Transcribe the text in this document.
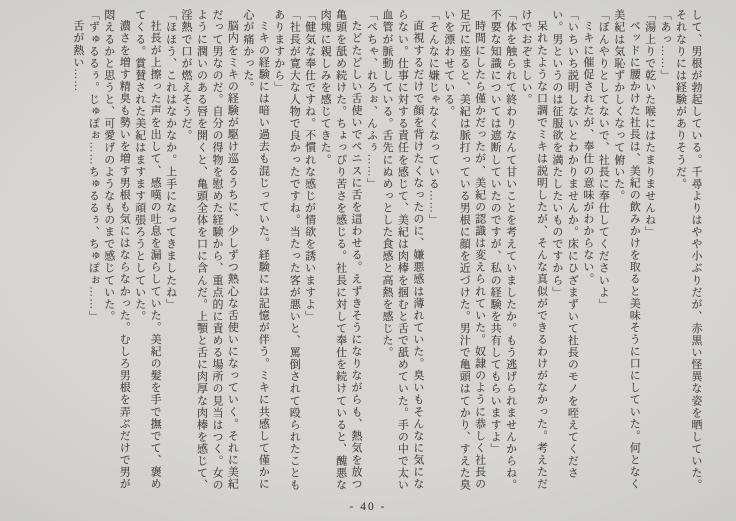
して、男根が勃起している。千尋よりはやや小ぶりだが、赤黒い怪異な姿を晒していた。それなりには経験がありそうだ。

「あっ……」

「湯上りで乾いた喉にはたまりませんね」

ベッドに腰かけた社長は、美紀の飲みかけを取ると美味そうに口にしていた。何となく美紀は気恥ずかしくなって俯いた。

「ぼんやりとしてないで、社長に奉仕してくださいよ」

ミキに催促されたが、奉仕の意味がわからない。

「いちいち説明しないとわかりませんか。床にひざまずいて社長のモノを咥えてください。男というのは征服欲を満たしたいものですから」

呆れたような口調でミキは説明したが、そんな真似ができるわけがなかった。考えただけでおぞましい。

「体を触られて終わりなんて甘いことを考えていましたか。もう逃げられませんからね。不要な知識については遮断していたのですが、私の経験を共有してもらいますよ」

時間にしたら僅かだったが、美紀の認識は変えられていた。奴隷のように恭しく社長の足元に座ると、美紀は脈打っている男根に顔を近づけた。男汁で亀頭はてかり、すえた臭いを漂わせている。

「そんなに嫌じゃなくなっている……」

直視するだけで顔を背けたくなったのに、嫌悪感は薄れていた。臭いもそんなに気にならない。仕事に対する責任を感じて、美紀は肉棒を掴むと舌で舐めていた。手の中で太い血管が脈動している。舌先にぬめっとした食感と高熱を感じた。

「ぺちゃ、れろぉ、んふぅ……」

たどたどしい舌使いでペニスに舌を這わせる。えずきそうになりながらも、熱気を放つ亀頭を舐め続けた。ちょっぴり苦さを感じる。社長に対して奉仕を続けていると、醜悪な肉塊に親しみを感じてきた。

「健気な奉仕ですね。不慣れな感じが情欲を誘いますよ」

「社長が寛大な人物で良かったですね。当たった客が悪いと、罵倒されて殴られたこともありますから」

ミキの経験には暗い過去も混じっていた。経験には記憶が伴う。ミキに共感して僅かに心が痛かった。

脳内をミキの経験が駆け巡るうちに、少しずつ熱心な舌使いになっていく。それに美紀だって男なのだ。自分の得物を慰めた経験から、重点的に責める場所の見当はつく。女のように潤いのある唇を開くと、亀頭全体を口に含んだ。上顎と舌に肉厚な肉棒を感じて、淫熱で口が燃えそうだ。

「ほほう、これはなかなか。上手になってきましたね」

社長が上擦った声を出して、感嘆の吐息を漏らしていた。美紀の髪を手で撫でて、褒めてくる。賞賛された美紀はますます頑張ろうとしていた。

濃さを増す精臭も勢いを増す男根も気にはならなかった。むしろ男根を弄ぶだけで男が悶えるかと思うと、可愛げのようなものまで感じていた。

「ずゅるるぅ。じゅぽぉ……ちゅるるぅ、ちゅぽぉ……」

舌が熱い……

- 40 -
